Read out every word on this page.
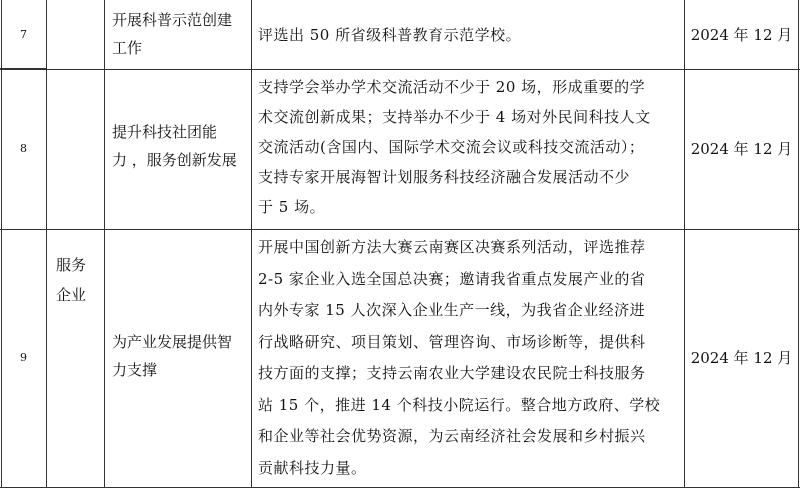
7
开展科普示范创建
工作
评选出 50 所省级科普教育示范学校。	2024 年 12 月
8
提升科技社团能
力 ，服务创新发展
支持学会举办学术交流活动不少于 20 场，形成重要的学
术交流创新成果；支持举办不少于 4 场对外民间科技人文
交流活动(含国内、国际学术交流会议或科技交流活动）；
支持专家开展海智计划服务科技经济融合发展活动不少
于 5 场。
2024 年 12 月
9
为产业发展提供智
力支撑
开展中国创新方法大赛云南赛区决赛系列活动，评选推荐
2-5 家企业入选全国总决赛；邀请我省重点发展产业的省
内外专家 15 人次深入企业生产一线，为我省企业经济进
行战略研究、项目策划、管理咨询、市场诊断等，提供科
技方面的支撑；支持云南农业大学建设农民院士科技服务
站 15 个，推进 14 个科技小院运行。整合地方政府、学校
和企业等社会优势资源，为云南经济社会发展和乡村振兴
贡献科技力量。
2024 年 12 月
服务
企业
